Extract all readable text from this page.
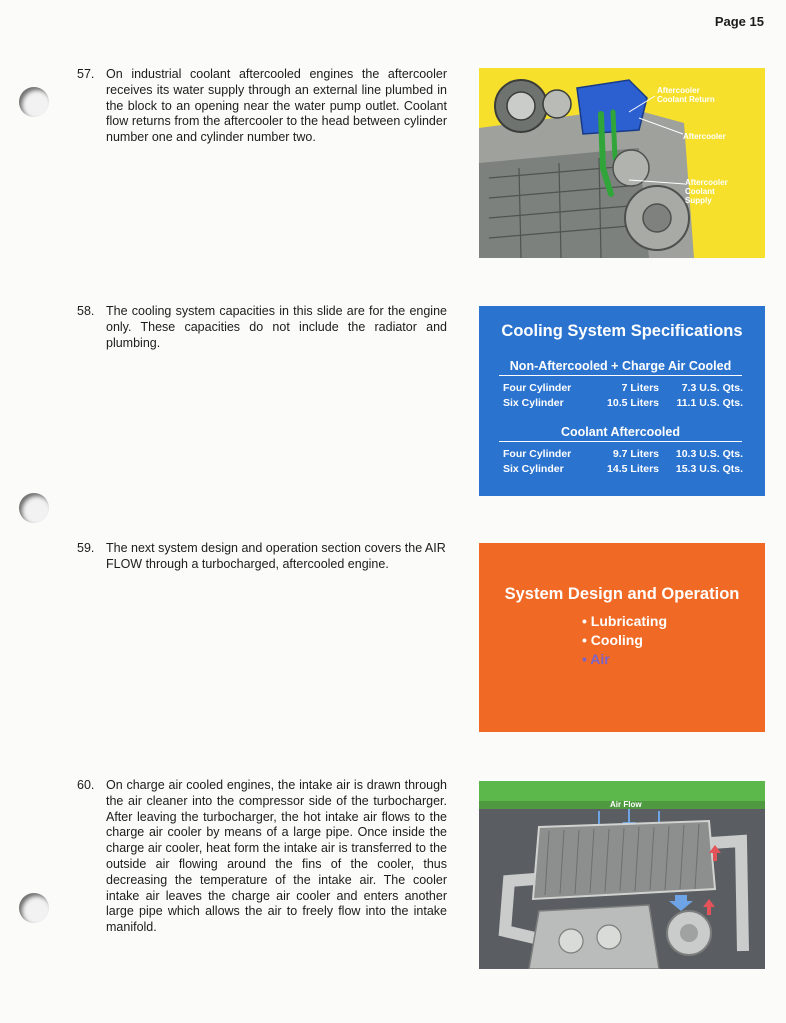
Page 15
57. On industrial coolant aftercooled engines the aftercooler receives its water supply through an external line plumbed in the block to an opening near the water pump outlet. Coolant flow returns from the aftercooler to the head between cylinder number one and cylinder number two.
Aftercooler
Coolant Return
Aftercooler
Aftercooler
Coolant
Supply
58. The cooling system capacities in this slide are for the engine only. These capacities do not include the radiator and plumbing.
Cooling System Specifications
Non-Aftercooled + Charge Air Cooled
Four Cylinder	7 Liters 7.3 U.S. Qts.
Six Cylinder	10.5 Liters 11.1 U.S. Qts.
Coolant Aftercooled
Four Cylinder	9.7 Liters 10.3 U.S. Qts.
Six Cylinder	14.5 Liters 15.3 U.S. Qts.
59. The next system design and operation section covers the AIR FLOW through a turbocharged, aftercooled engine.
System Design and Operation
• Lubricating
• Cooling
• Air
60. On charge air cooled engines, the intake air is drawn through the air cleaner into the compressor side of the turbocharger. After leaving the turbocharger, the hot intake air flows to the charge air cooler by means of a large pipe. Once inside the charge air cooler, heat form the intake air is transferred to the outside air flowing around the fins of the cooler, thus decreasing the temperature of the intake air. The cooler intake air leaves the charge air cooler and enters another large pipe which allows the air to freely flow into the intake manifold.
Air Flow
